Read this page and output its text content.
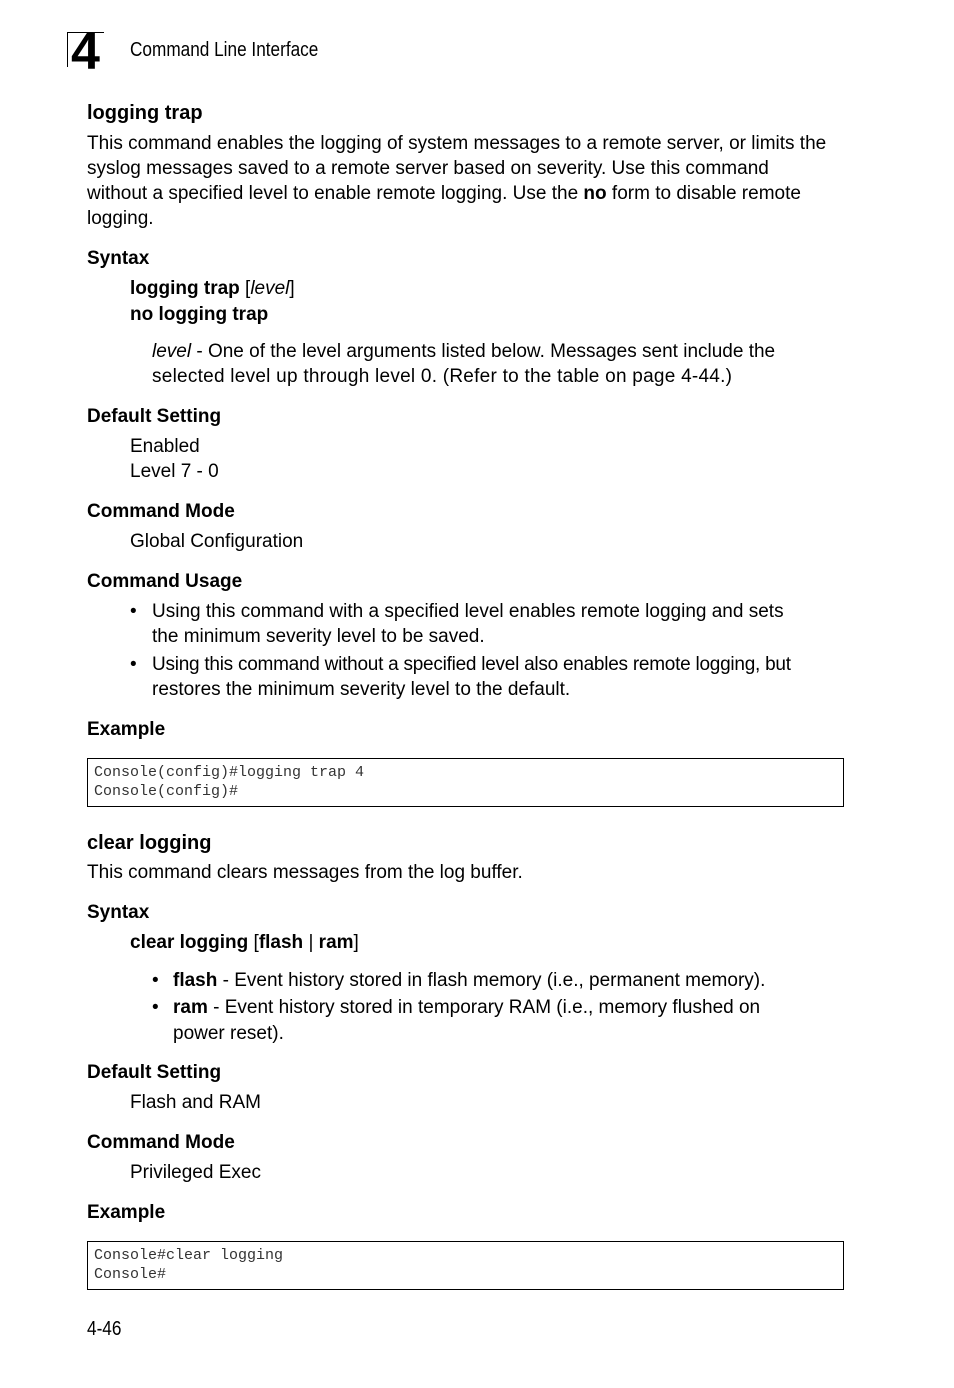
4 Command Line Interface
logging trap
This command enables the logging of system messages to a remote server, or limits the syslog messages saved to a remote server based on severity. Use this command without a specified level to enable remote logging. Use the no form to disable remote logging.
Syntax
logging trap [level]
no logging trap
level - One of the level arguments listed below. Messages sent include the
selected level up through level 0. (Refer to the table on page 4-44.)
Default Setting
Enabled
Level 7 - 0
Command Mode
Global Configuration
Command Usage
• Using this command with a specified level enables remote logging and sets
the minimum severity level to be saved.
• Using this command without a specified level also enables remote logging, but
restores the minimum severity level to the default.
Example
Console(config)#logging trap 4
Console(config)#
clear logging
This command clears messages from the log buffer.
Syntax
clear logging [flash | ram]
• flash - Event history stored in flash memory (i.e., permanent memory).
• ram - Event history stored in temporary RAM (i.e., memory flushed on
power reset).
Default Setting
Flash and RAM
Command Mode
Privileged Exec
Example
Console#clear logging
Console#
4-46
